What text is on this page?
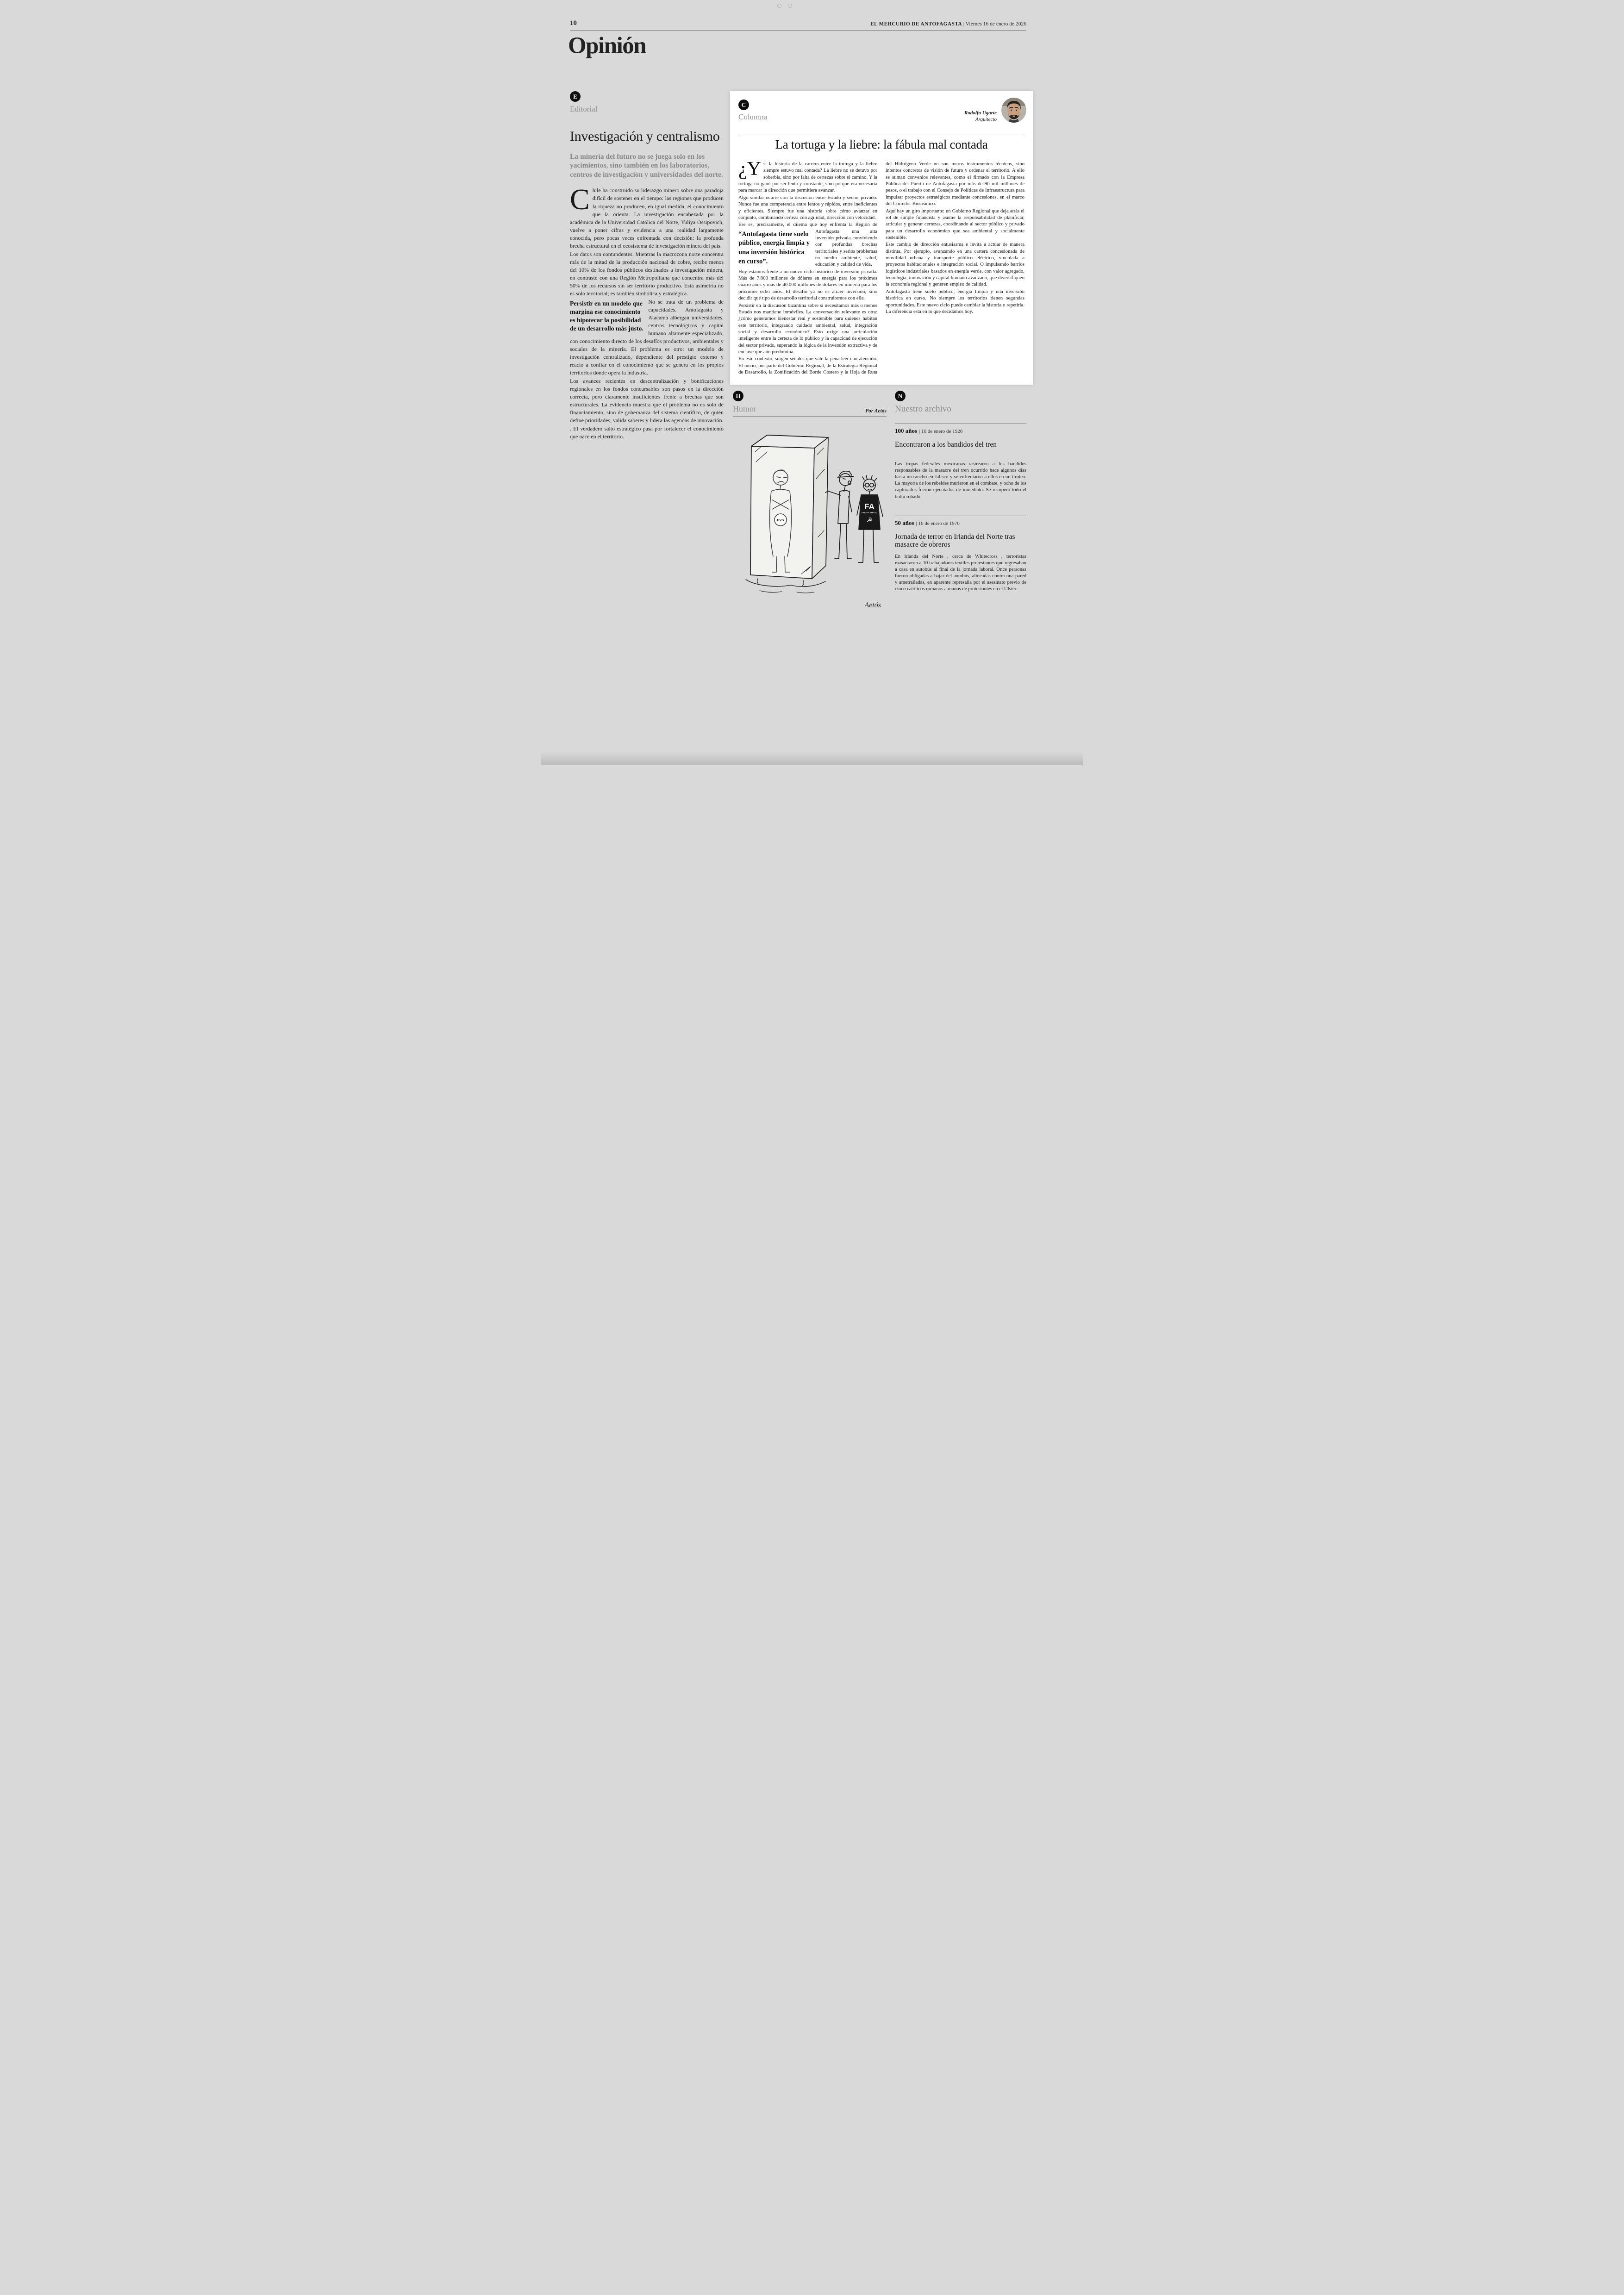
10	EL MERCURIO DE ANTOFAGASTA | Viernes 16 de enero de 2026
Opinión
E
Editorial
Investigación y centralismo

La minería del futuro no se juega solo en los yacimientos, sino también en los laboratorios, centros de investigación y universidades del norte.

Chile ha construido su liderazgo minero sobre una paradoja difícil de sostener en el tiempo: las regiones que producen la riqueza no producen, en igual medida, el conocimiento que la orienta. La investigación encabezada por la académica de la Universidad Católica del Norte, Yuliya Ossipovich, vuelve a poner cifras y evidencia a una realidad largamente conocida, pero pocas veces enfrentada con decisión: la profunda brecha estructural en el ecosistema de investigación minera del país.

Los datos son contundentes. Mientras la macrozona norte concentra más de la mitad de la producción nacional de cobre, recibe menos del 10% de los fondos públicos destinados a investigación minera, en contraste con una Región Metropolitana que concentra más del 50% de los recursos sin ser territorio productivo. Esta asimetría no es solo territorial; es también simbólica y estratégica.

Persistir en un modelo que margina ese conocimiento es hipotecar la posibilidad de un desarrollo más justo.
No se trata de un problema de capacidades. Antofagasta y Atacama albergan universidades, centros tecnológicos y capital humano altamente especializado, con conocimiento directo de los desafíos productivos, ambientales y sociales de la minería. El problema es otro: un modelo de investigación centralizado, dependiente del prestigio externo y reacio a confiar en el conocimiento que se genera en los propios territorios donde opera la industria.

Los avances recientes en descentralización y bonificaciones regionales en los fondos concursables son pasos en la dirección correcta, pero claramente insuficientes frente a brechas que son estructurales. La evidencia muestra que el problema no es solo de financiamiento, sino de gobernanza del sistema científico, de quién define prioridades, valida saberes y lidera las agendas de innovación.

. El verdadero salto estratégico pasa por fortalecer el conocimiento que nace en el territorio.

C
Columna	Rodolfo Ugarte
Arquitecto
La tortuga y la liebre: la fábula mal contada

¿Y si la historia de la carrera entre la tortuga y la liebre siempre estuvo mal contada? La liebre no se detuvo por soberbia, sino por falta de certezas sobre el camino. Y la tortuga no ganó por ser lenta y constante, sino porque era necesaria para marcar la dirección que permitiera avanzar.

Algo similar ocurre con la discusión entre Estado y sector privado. Nunca fue una competencia entre lentos y rápidos, entre ineficientes y eficientes. Siempre fue una historia sobre cómo avanzar en conjunto, combinando certeza con agilidad, dirección con velocidad.

Ese es, precisamente, el dilema que hoy enfrenta la Región de
“Antofagasta tiene suelo público, energía limpia y una inversión histórica en curso”.
Antofagasta: una alta inversión privada conviviendo con profundas brechas territoriales y serios problemas en medio ambiente, salud, educación y calidad de vida.

Hoy estamos frente a un nuevo ciclo histórico de inversión privada. Más de 7.800 millones de dólares en energía para los próximos cuatro años y más de 40.000 millones de dólares en minería para los próximos ocho años. El desafío ya no es atraer inversión, sino decidir qué tipo de desarrollo territorial construiremos con ella.

Persistir en la discusión bizantina sobre si necesitamos más o menos Estado nos mantiene inmóviles. La conversación relevante es otra: ¿cómo generamos bienestar real y sostenible para quienes habitan este territorio, integrando cuidado ambiental, salud, integración social y desarrollo económico? Esto exige una articulación inteligente entre la certeza de lo público y la capacidad de ejecución del sector privado, superando la lógica de la inversión extractiva y de enclave que aún predomina.

En este contexto, surgen señales que vale la pena leer con atención. El inicio, por parte del Gobierno Regional, de la Estrategia Regional de Desarrollo, la Zonificación del Borde Costero y la Hoja de Ruta del Hidrógeno Verde no son meros instrumentos técnicos, sino intentos concretos de visión de futuro y ordenar el territorio. A ello se suman convenios relevantes, como el firmado con la Empresa Pública del Puerto de Antofagasta por más de 90 mil millones de pesos, o el trabajo con el Consejo de Políticas de Infraestructura para impulsar proyectos estratégicos mediante concesiones, en el marco del Corredor Bioceánico.

Aquí hay un giro importante: un Gobierno Regional que deja atrás el rol de simple financista y asume la responsabilidad de planificar, articular y generar certezas, coordinando al sector público y privado para un desarrollo económico que sea ambiental y socialmente sostenible.

Este cambio de dirección entusiasma e invita a actuar de manera distinta. Por ejemplo, avanzando en una cartera concesionada de movilidad urbana y transporte público eléctrico, vinculada a proyectos habitacionales e integración social. O impulsando barrios logísticos industriales basados en energía verde, con valor agregado, tecnología, innovación y capital humano avanzado, que diversifiquen la economía regional y generen empleo de calidad.

Antofagasta tiene suelo público, energía limpia y una inversión histórica en curso. No siempre los territorios tienen segundas oportunidades. Este nuevo ciclo puede cambiar la historia o repetirla. La diferencia está en lo que decidamos hoy.

H
Humor	Por Aetós
PVS
FA
FRENTE AMPLIO
☭
Aetós
N
Nuestro archivo
100 años | 16 de enero de 1926
Encontraron a los bandidos del tren

Las tropas federales mexicanas rastrearon a los bandidos responsables de la masacre del tren ocurrido hace algunos días hasta un rancho en Jalisco y se enfrentaron a ellos en un tiroteo. La mayoría de los rebeldes murieron en el combate, y ocho de los capturados fueron ejecutados de inmediato. Se recuperó todo el botín robado.

50 años | 16 de enero de 1976
Jornada de terror en Irlanda del Norte tras masacre de obreros

En Irlanda del Norte , cerca de Whitecross , terroristas masacraron a 10 trabajadores textiles protestantes que regresaban a casa en autobús al final de la jornada laboral. Once personas fueron obligadas a bajar del autobús, alineadas contra una pared y ametralladas, en aparente represalia por el asesinato previo de cinco católicos romanos a manos de protestantes en el Ulster.
